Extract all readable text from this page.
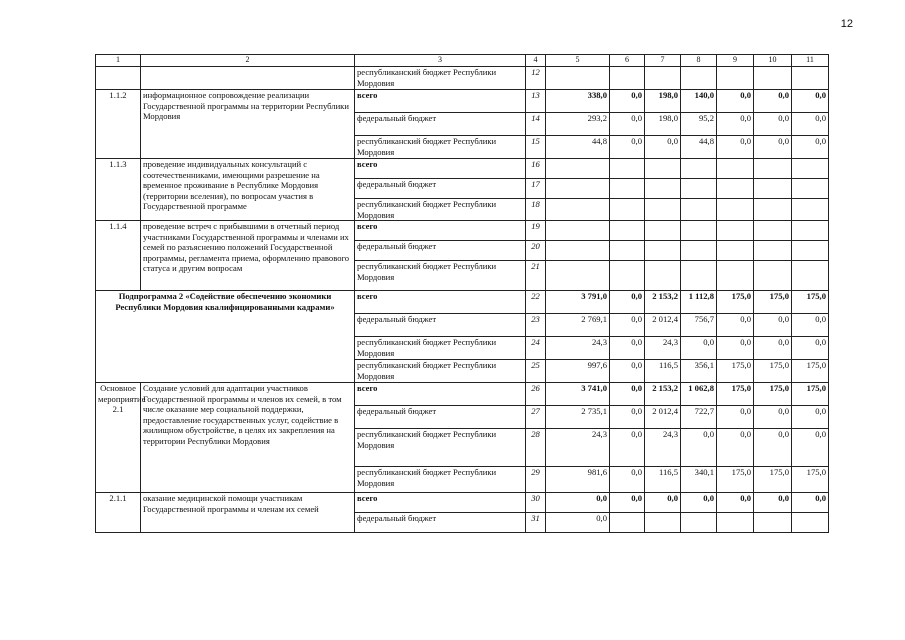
12
1	2	3	4	5	6	7	8	9	10	11
		республиканский бюджет Республики Мордовия	12							
1.1.2	информационное сопровождение реализации Государственной программы на территории Республики Мордовия	всего	13	338,0	0,0	198,0	140,0	0,0	0,0	0,0
		федеральный бюджет	14	293,2	0,0	198,0	95,2	0,0	0,0	0,0
		республиканский бюджет Республики Мордовия	15	44,8	0,0	0,0	44,8	0,0	0,0	0,0
1.1.3	проведение индивидуальных консультаций с соотечественниками, имеющими разрешение на временное проживание в Республике Мордовия (территории вселения), по вопросам участия в Государственной программе	всего	16							
		федеральный бюджет	17							
		республиканский бюджет Республики Мордовия	18							
1.1.4	проведение встреч с прибывшими в отчетный период участниками Государственной программы и членами их семей по разъяснению положений Государственной программы, регламента приема, оформлению правового статуса и другим вопросам	всего	19							
		федеральный бюджет	20							
		республиканский бюджет Республики Мордовия	21							
Подпрограмма 2 «Содействие обеспечению экономики Республики Мордовия квалифицированными кадрами»		всего	22	3 791,0	0,0	2 153,2	1 112,8	175,0	175,0	175,0
		федеральный бюджет	23	2 769,1	0,0	2 012,4	756,7	0,0	0,0	0,0
		республиканский бюджет Республики Мордовия	24	24,3	0,0	24,3	0,0	0,0	0,0	0,0
		республиканский бюджет Республики Мордовия	25	997,6	0,0	116,5	356,1	175,0	175,0	175,0
Основное мероприятие 2.1	Создание условий для адаптации участников Государственной программы и членов их семей, в том числе оказание мер социальной поддержки, предоставление государственных услуг, содействие в жилищном обустройстве, в целях их закрепления на территории Республики Мордовия	всего	26	3 741,0	0,0	2 153,2	1 062,8	175,0	175,0	175,0
		федеральный бюджет	27	2 735,1	0,0	2 012,4	722,7	0,0	0,0	0,0
		республиканский бюджет Республики Мордовия	28	24,3	0,0	24,3	0,0	0,0	0,0	0,0
		республиканский бюджет Республики Мордовия	29	981,6	0,0	116,5	340,1	175,0	175,0	175,0
2.1.1	оказание медицинской помощи участникам Государственной программы и членам их семей	всего	30	0,0	0,0	0,0	0,0	0,0	0,0	0,0
		федеральный бюджет	31	0,0						
